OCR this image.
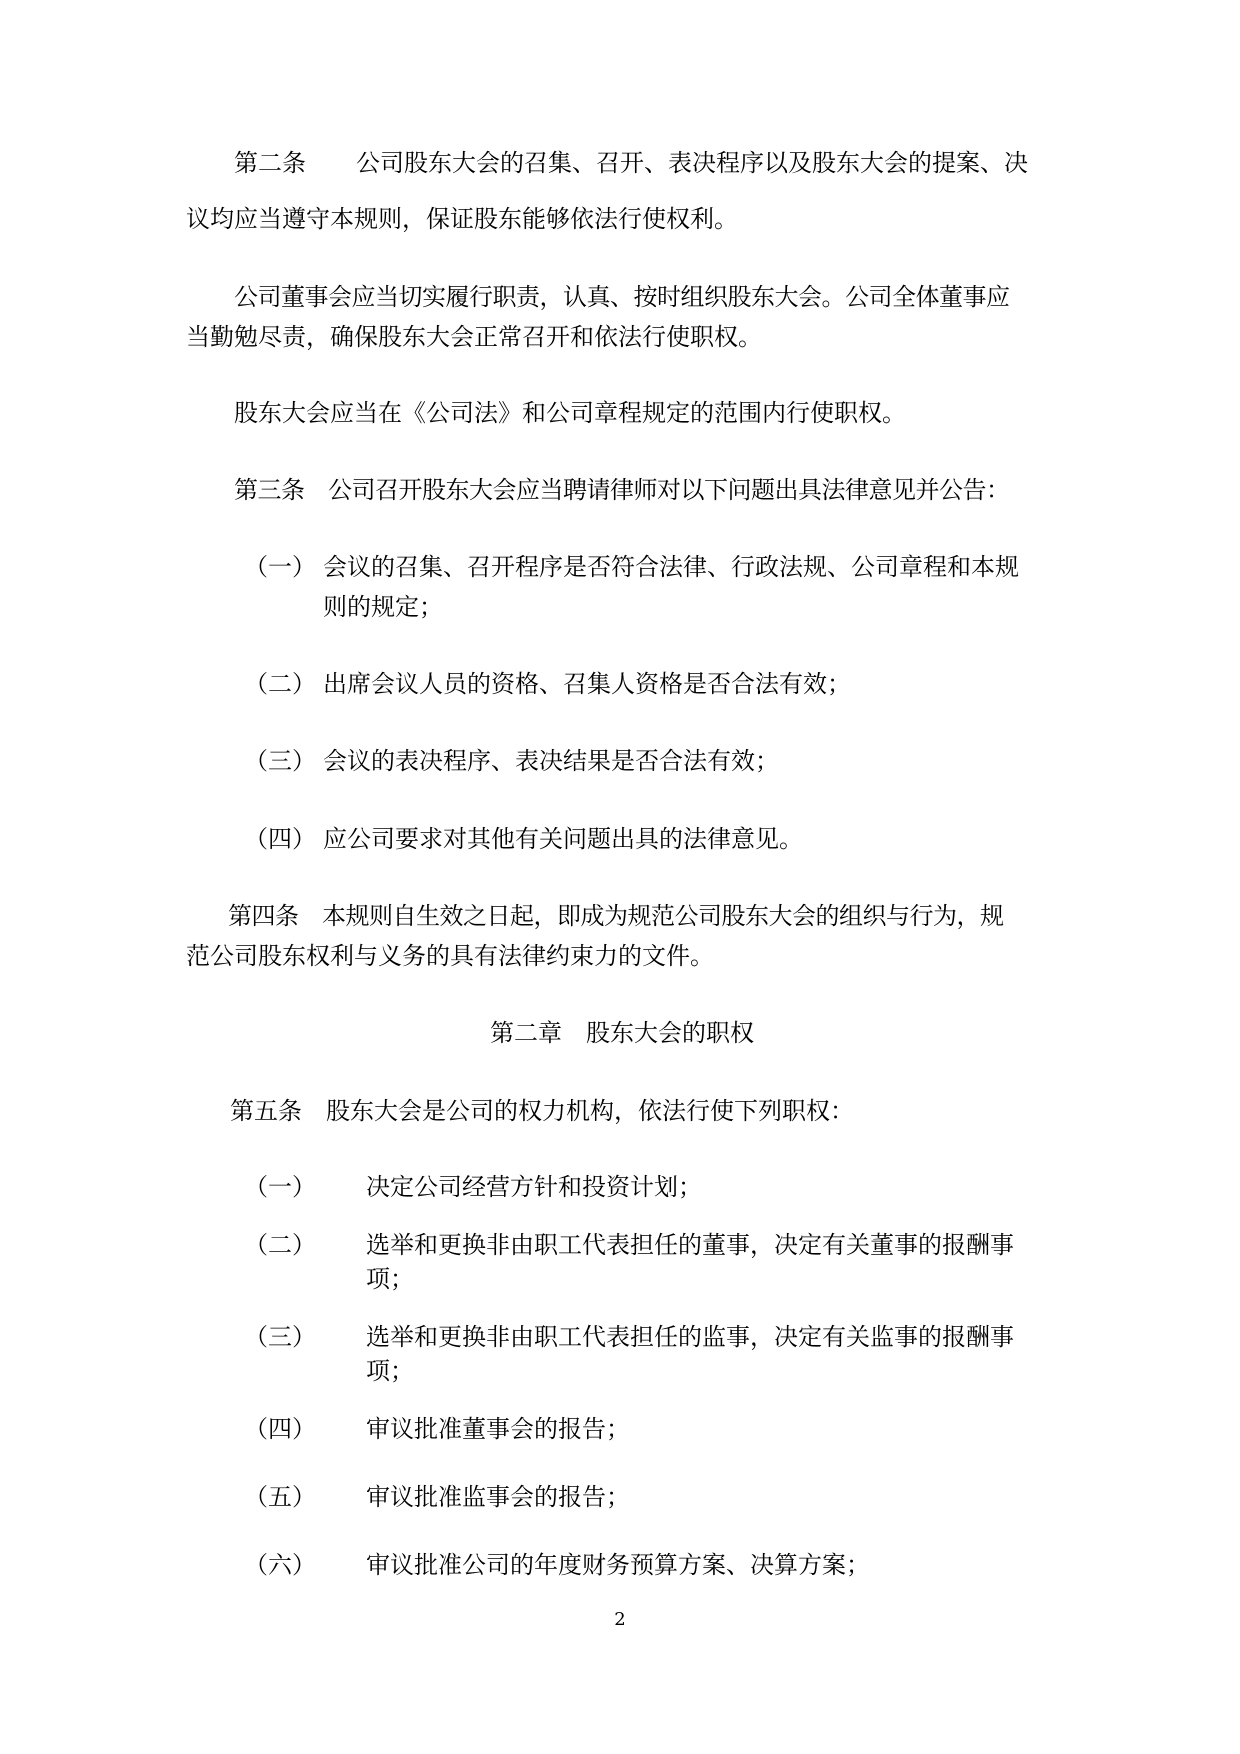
第二条 公司股东大会的召集、召开、表决程序以及股东大会的提案、决
议均应当遵守本规则，保证股东能够依法行使权利。
公司董事会应当切实履行职责，认真、按时组织股东大会。公司全体董事应
当勤勉尽责，确保股东大会正常召开和依法行使职权。
股东大会应当在《公司法》和公司章程规定的范围内行使职权。
第三条　公司召开股东大会应当聘请律师对以下问题出具法律意见并公告：
（一） 会议的召集、召开程序是否符合法律、行政法规、公司章程和本规
则的规定；
（二） 出席会议人员的资格、召集人资格是否合法有效；
（三） 会议的表决程序、表决结果是否合法有效；
（四） 应公司要求对其他有关问题出具的法律意见。
第四条　本规则自生效之日起，即成为规范公司股东大会的组织与行为，规
范公司股东权利与义务的具有法律约束力的文件。
第二章　股东大会的职权
第五条　股东大会是公司的权力机构，依法行使下列职权：
（一） 决定公司经营方针和投资计划；
（二） 选举和更换非由职工代表担任的董事，决定有关董事的报酬事
项；
（三） 选举和更换非由职工代表担任的监事，决定有关监事的报酬事
项；
（四） 审议批准董事会的报告；
（五） 审议批准监事会的报告；
（六） 审议批准公司的年度财务预算方案、决算方案；
2
